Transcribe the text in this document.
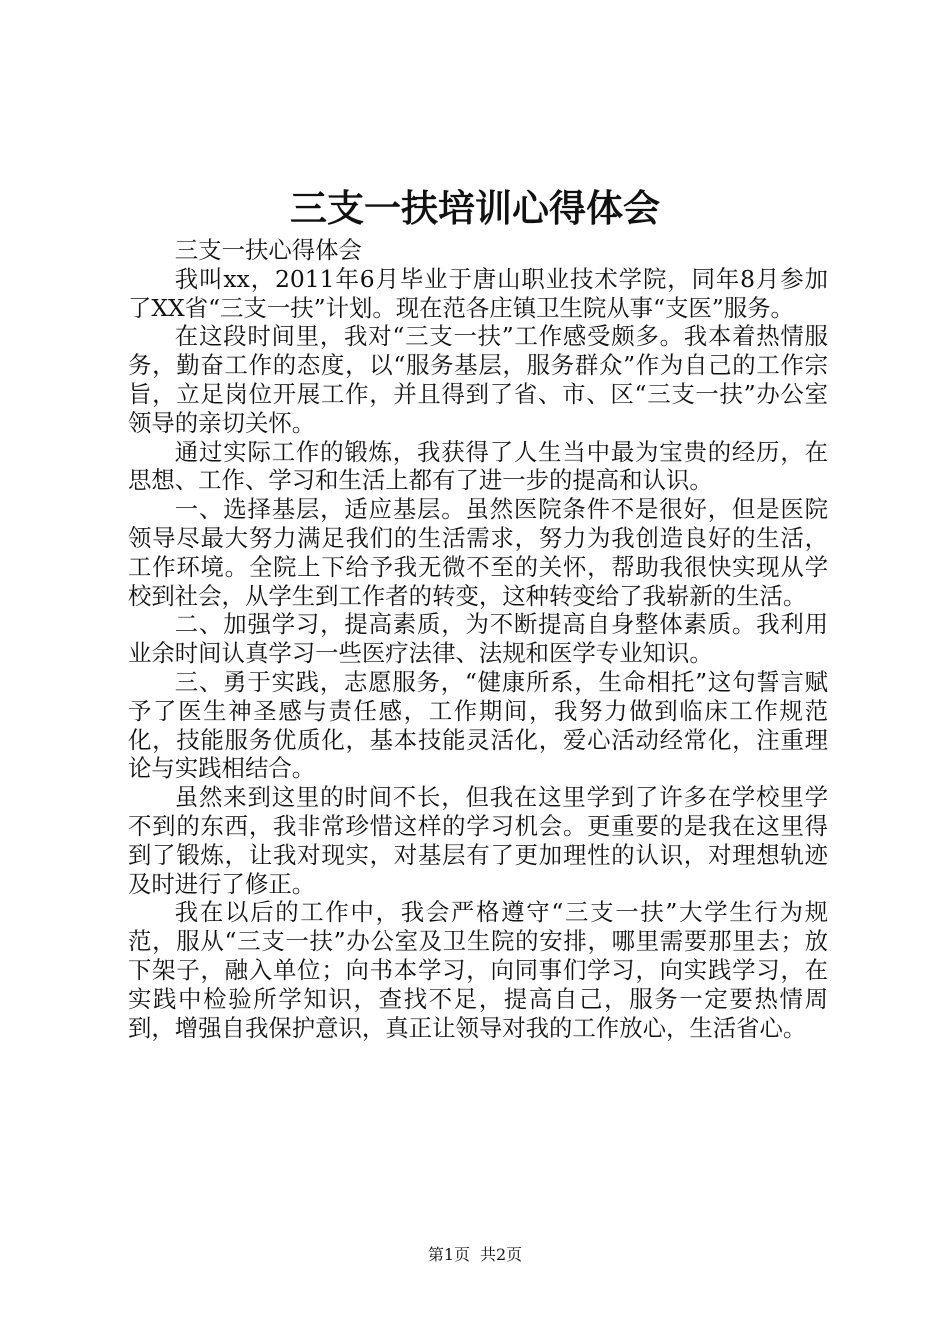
三支一扶培训心得体会

三支一扶心得体会

我叫xx，2011年6月毕业于唐山职业技术学院，同年8月参加了XX省“三支一扶”计划。现在范各庄镇卫生院从事“支医”服务。

在这段时间里，我对“三支一扶”工作感受颇多。我本着热情服务，勤奋工作的态度，以“服务基层，服务群众”作为自己的工作宗旨，立足岗位开展工作，并且得到了省、市、区“三支一扶”办公室领导的亲切关怀。

通过实际工作的锻炼，我获得了人生当中最为宝贵的经历，在思想、工作、学习和生活上都有了进一步的提高和认识。

一、选择基层，适应基层。虽然医院条件不是很好，但是医院领导尽最大努力满足我们的生活需求，努力为我创造良好的生活，工作环境。全院上下给予我无微不至的关怀，帮助我很快实现从学校到社会，从学生到工作者的转变，这种转变给了我崭新的生活。

二、加强学习，提高素质，为不断提高自身整体素质。我利用业余时间认真学习一些医疗法律、法规和医学专业知识。

三、勇于实践，志愿服务，“健康所系，生命相托”这句誓言赋予了医生神圣感与责任感，工作期间，我努力做到临床工作规范化，技能服务优质化，基本技能灵活化，爱心活动经常化，注重理论与实践相结合。

虽然来到这里的时间不长，但我在这里学到了许多在学校里学不到的东西，我非常珍惜这样的学习机会。更重要的是我在这里得到了锻炼，让我对现实，对基层有了更加理性的认识，对理想轨迹及时进行了修正。

我在以后的工作中，我会严格遵守“三支一扶”大学生行为规范，服从“三支一扶”办公室及卫生院的安排，哪里需要那里去；放下架子，融入单位；向书本学习，向同事们学习，向实践学习，在实践中检验所学知识，查找不足，提高自己，服务一定要热情周到，增强自我保护意识，真正让领导对我的工作放心，生活省心。

第1页 共2页
